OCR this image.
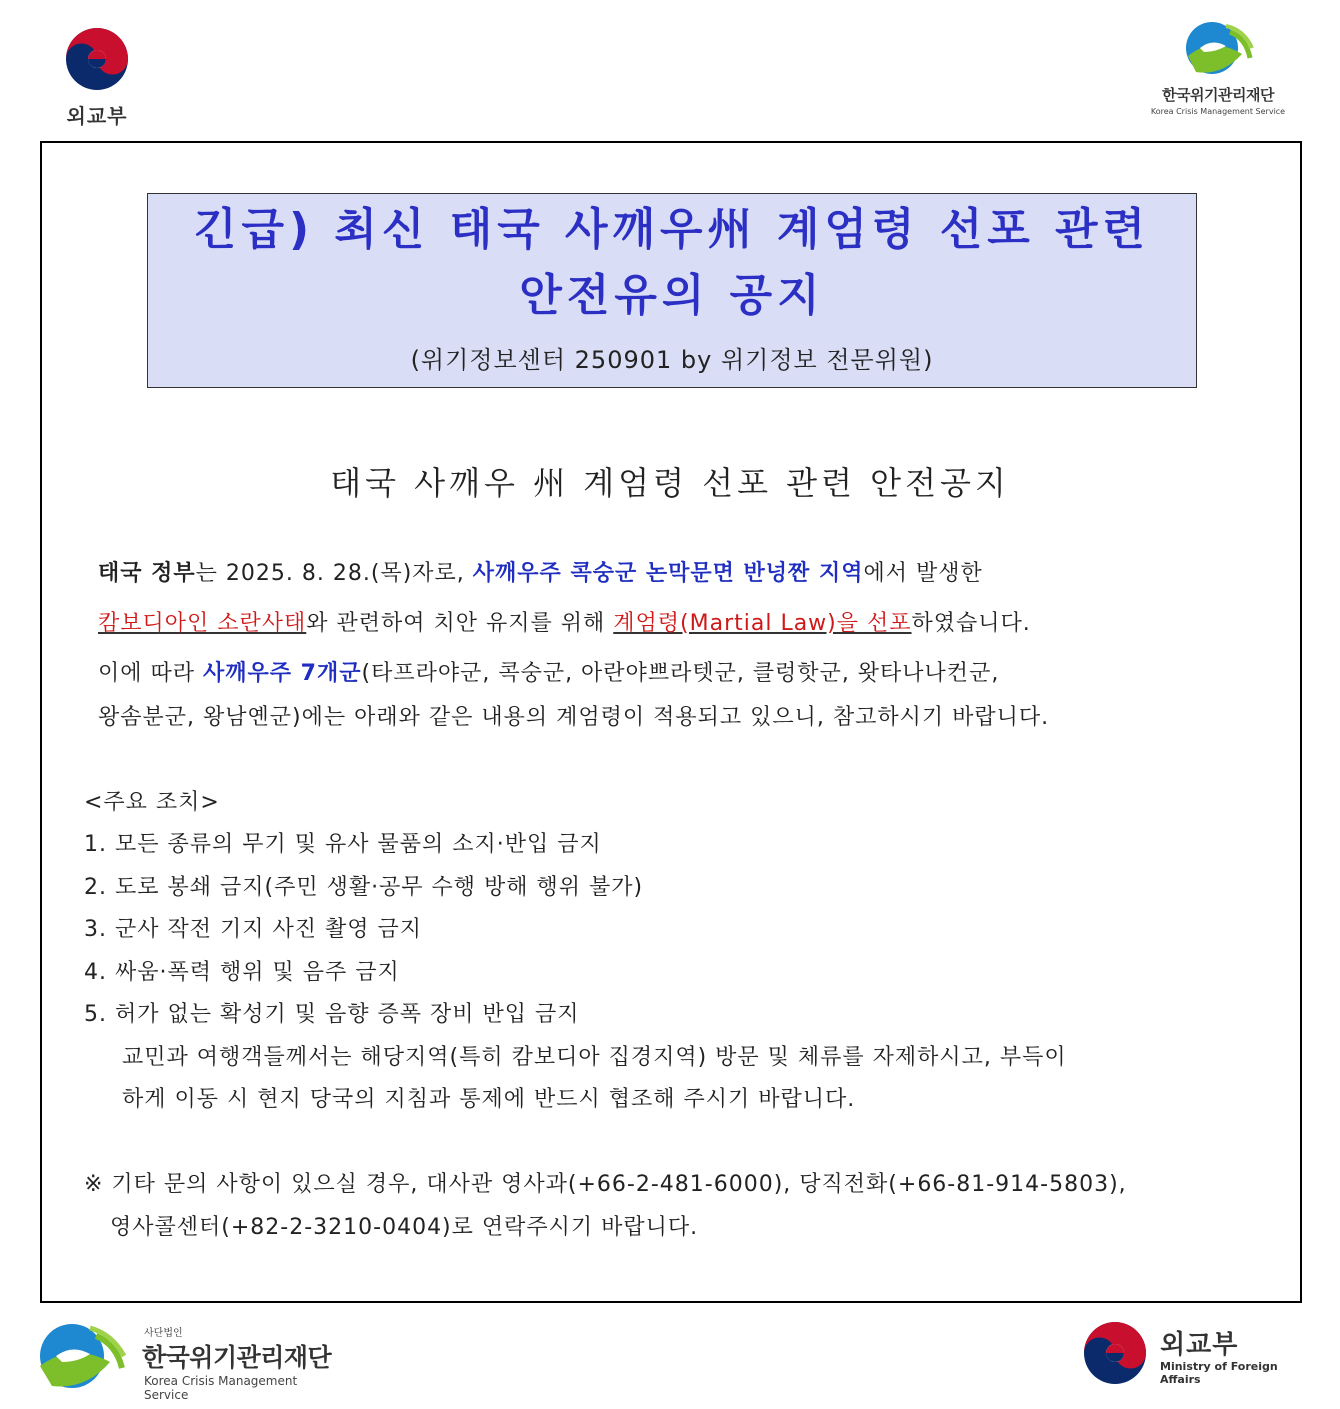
외교부
한국위기관리재단
Korea Crisis Management Service
긴급) 최신 태국 사깨우州 계엄령 선포 관련
안전유의 공지
(위기정보센터 250901 by 위기정보 전문위원)
태국 사깨우 州 계엄령 선포 관련 안전공지
태국 정부는 2025. 8. 28.(목)자로, 사깨우주 콕숭군 논막문면 반넝짠 지역에서 발생한
캄보디아인 소란사태와 관련하여 치안 유지를 위해 계엄령(Martial Law)을 선포하였습니다.
이에 따라 사깨우주 7개군(타프라야군, 콕숭군, 아란야쁘라텟군, 클렁핫군, 왓타나나컨군,
왕솜분군, 왕남옌군)에는 아래와 같은 내용의 계엄령이 적용되고 있으니, 참고하시기 바랍니다.
<주요 조치>
1. 모든 종류의 무기 및 유사 물품의 소지·반입 금지
2. 도로 봉쇄 금지(주민 생활·공무 수행 방해 행위 불가)
3. 군사 작전 기지 사진 촬영 금지
4. 싸움·폭력 행위 및 음주 금지
5. 허가 없는 확성기 및 음향 증폭 장비 반입 금지
교민과 여행객들께서는 해당지역(특히 캄보디아 집경지역) 방문 및 체류를 자제하시고, 부득이
하게 이동 시 현지 당국의 지침과 통제에 반드시 협조해 주시기 바랍니다.
※ 기타 문의 사항이 있으실 경우, 대사관 영사과(+66-2-481-6000), 당직전화(+66-81-914-5803),
영사콜센터(+82-2-3210-0404)로 연락주시기 바랍니다.
사단법인
한국위기관리재단
Korea Crisis Management Service
외교부
Ministry of Foreign Affairs
